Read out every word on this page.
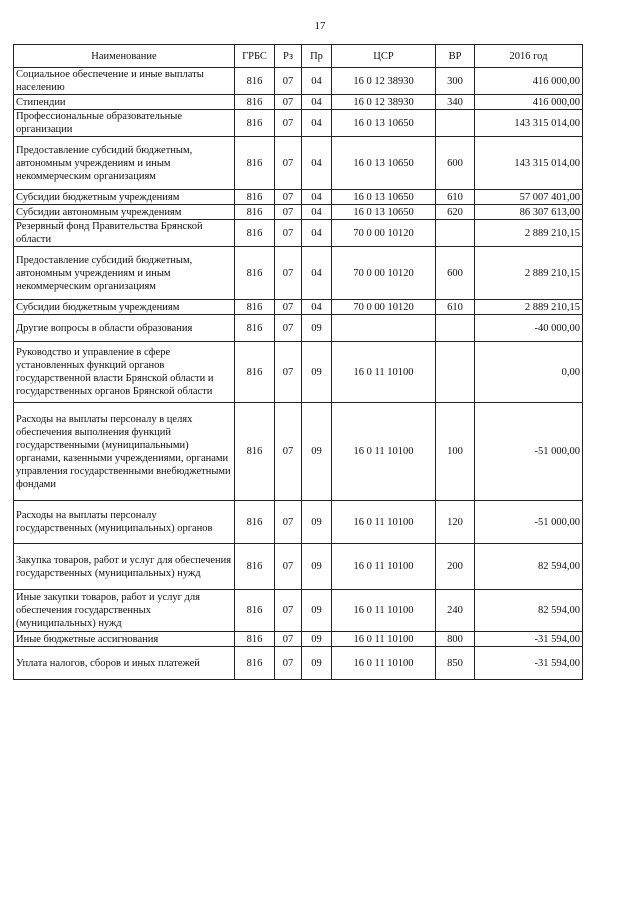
17
Наименование	ГРБС	Рз	Пр	ЦСР	ВР	2016 год
Социальное обеспечение и иные выплаты населению	816	07	04	16 0 12 38930	300	416 000,00
Стипендии	816	07	04	16 0 12 38930	340	416 000,00
Профессиональные образовательные организации	816	07	04	16 0 13 10650		143 315 014,00
Предоставление субсидий бюджетным, автономным учреждениям и иным некоммерческим организациям	816	07	04	16 0 13 10650	600	143 315 014,00
Субсидии бюджетным учреждениям	816	07	04	16 0 13 10650	610	57 007 401,00
Субсидии автономным учреждениям	816	07	04	16 0 13 10650	620	86 307 613,00
Резервный фонд Правительства Брянской области	816	07	04	70 0 00 10120		2 889 210,15
Предоставление субсидий бюджетным, автономным учреждениям и иным некоммерческим организациям	816	07	04	70 0 00 10120	600	2 889 210,15
Субсидии бюджетным учреждениям	816	07	04	70 0 00 10120	610	2 889 210,15
Другие вопросы в области образования	816	07	09			-40 000,00
Руководство и управление в сфере установленных функций органов государственной власти Брянской области и государственных органов Брянской области	816	07	09	16 0 11 10100		0,00
Расходы на выплаты персоналу в целях обеспечения выполнения функций государственными (муниципальными) органами, казенными учреждениями, органами управления государственными внебюджетными фондами	816	07	09	16 0 11 10100	100	-51 000,00
Расходы на выплаты персоналу государственных (муниципальных) органов	816	07	09	16 0 11 10100	120	-51 000,00
Закупка товаров, работ и услуг для обеспечения государственных (муниципальных) нужд	816	07	09	16 0 11 10100	200	82 594,00
Иные закупки товаров, работ и услуг для обеспечения государственных (муниципальных) нужд	816	07	09	16 0 11 10100	240	82 594,00
Иные бюджетные ассигнования	816	07	09	16 0 11 10100	800	-31 594,00
Уплата налогов, сборов и иных платежей	816	07	09	16 0 11 10100	850	-31 594,00
